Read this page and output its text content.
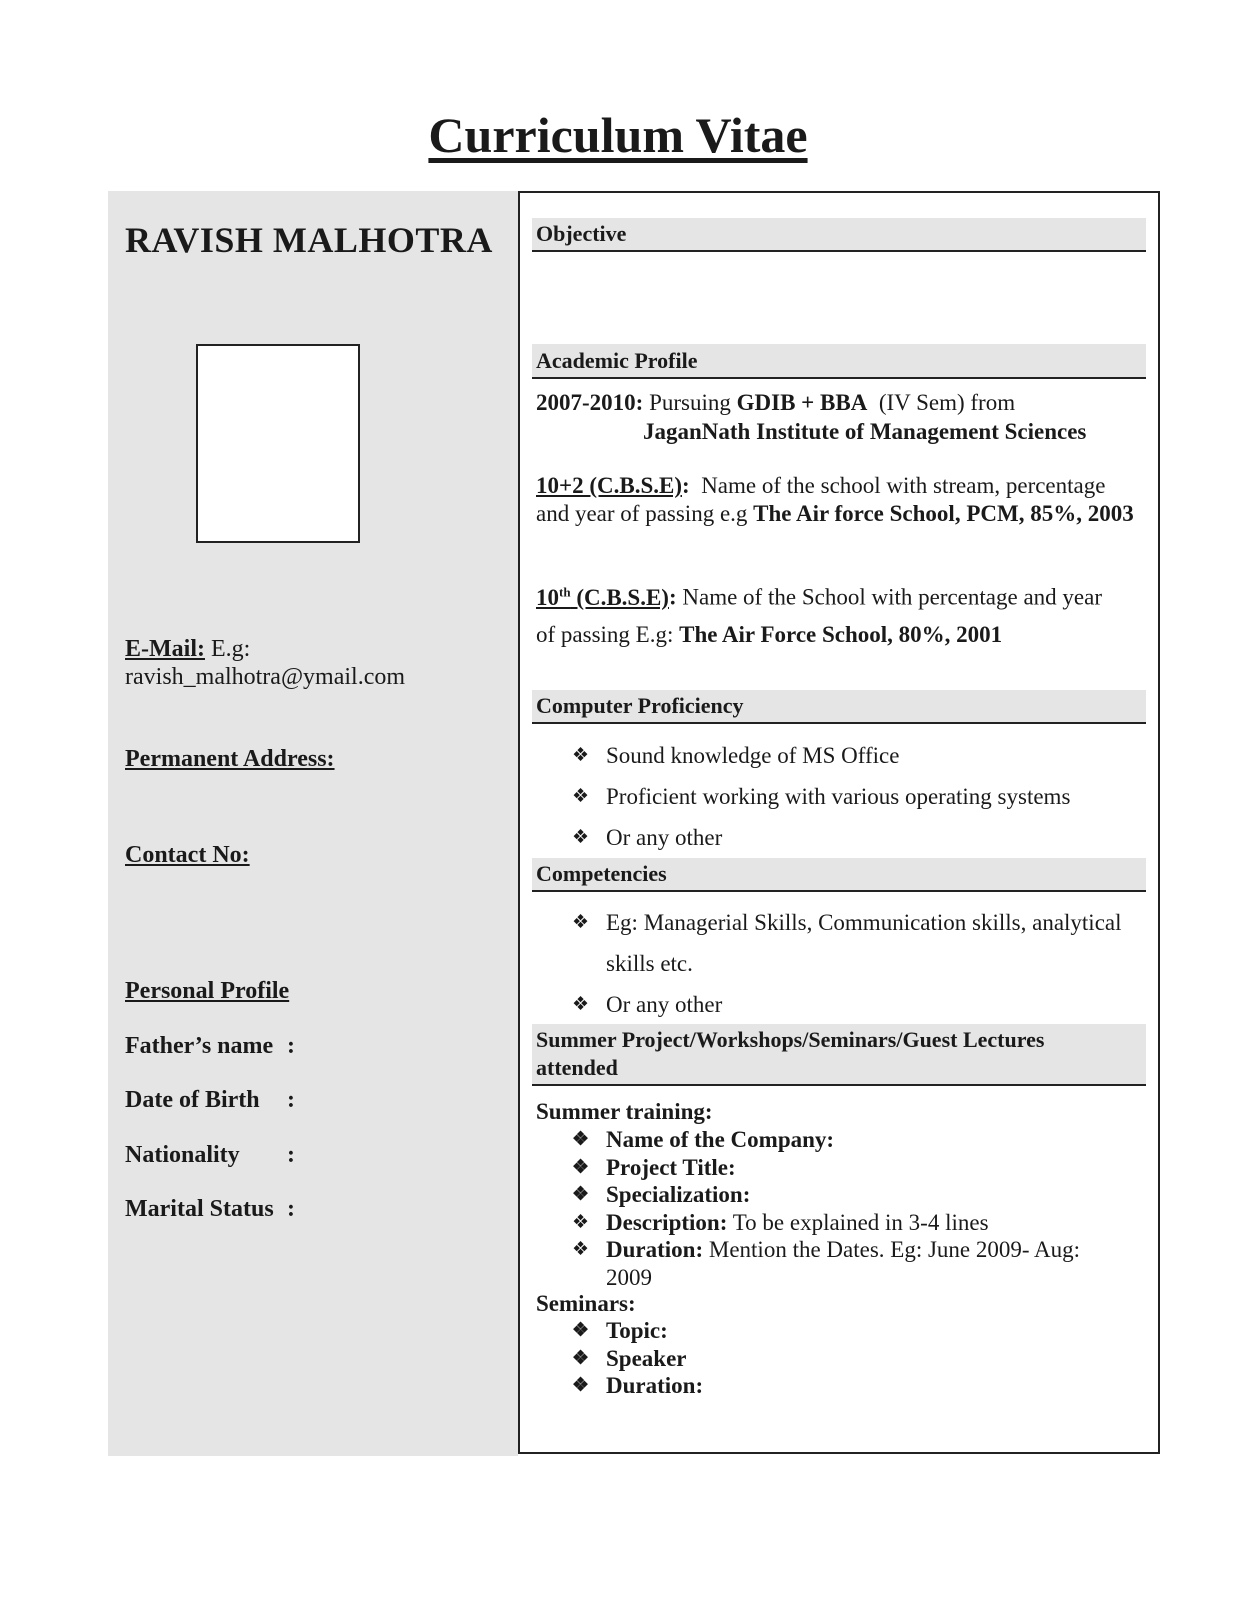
Curriculum Vitae
RAVISH MALHOTRA
E-Mail: E.g:
ravish_malhotra@ymail.com
Permanent Address:
Contact No:
Personal Profile
Father’s name :
Date of Birth :
Nationality :
Marital Status :
Objective
Academic Profile
2007-2010: Pursuing GDIB + BBA (IV Sem) from
JaganNath Institute of Management Sciences
10+2 (C.B.S.E): Name of the school with stream, percentage and year of passing e.g The Air force School, PCM, 85%, 2003
10th (C.B.S.E): Name of the School with percentage and year
of passing E.g: The Air Force School, 80%, 2001
Computer Proficiency
❖ Sound knowledge of MS Office
❖ Proficient working with various operating systems
❖ Or any other
Competencies
❖ Eg: Managerial Skills, Communication skills, analytical
skills etc.
❖ Or any other
Summer Project/Workshops/Seminars/Guest Lectures
attended
Summer training:
❖ Name of the Company:
❖ Project Title:
❖ Specialization:
❖ Description: To be explained in 3-4 lines
❖ Duration: Mention the Dates. Eg: June 2009- Aug:
2009
Seminars:
❖ Topic:
❖ Speaker
❖ Duration:
